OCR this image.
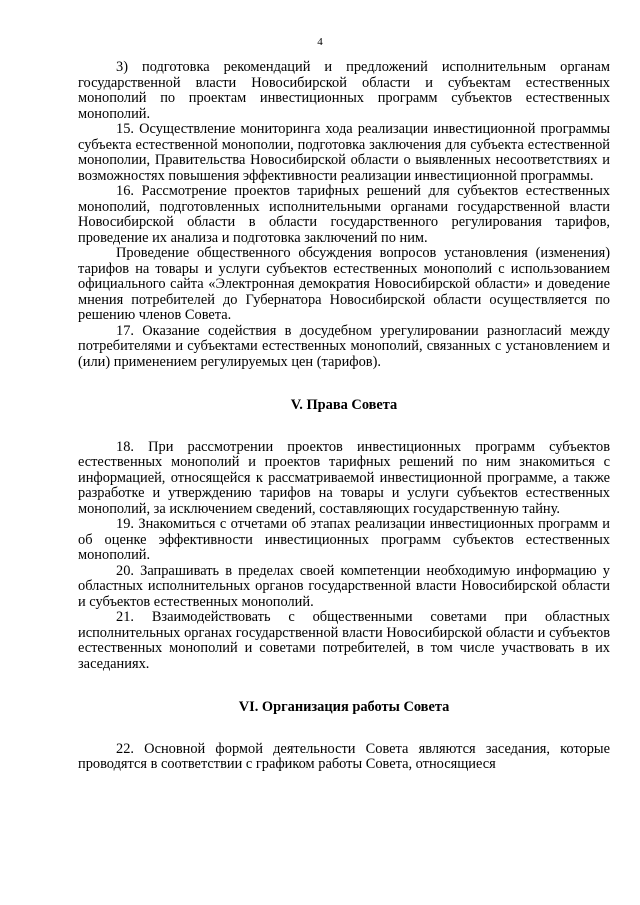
4

3) подготовка рекомендаций и предложений исполнительным органам государственной власти Новосибирской области и субъектам естественных монополий по проектам инвестиционных программ субъектов естественных монополий.

15. Осуществление мониторинга хода реализации инвестиционной программы субъекта естественной монополии, подготовка заключения для субъекта естественной монополии, Правительства Новосибирской области о выявленных несоответствиях и возможностях повышения эффективности реализации инвестиционной программы.

16. Рассмотрение проектов тарифных решений для субъектов естественных монополий, подготовленных исполнительными органами государственной власти Новосибирской области в области государственного регулирования тарифов, проведение их анализа и подготовка заключений по ним.

Проведение общественного обсуждения вопросов установления (изменения) тарифов на товары и услуги субъектов естественных монополий с использованием официального сайта «Электронная демократия Новосибирской области» и доведение мнения потребителей до Губернатора Новосибирской области осуществляется по решению членов Совета.

17. Оказание содействия в досудебном урегулировании разногласий между потребителями и субъектами естественных монополий, связанных с установлением и (или) применением регулируемых цен (тарифов).

V. Права Совета

18. При рассмотрении проектов инвестиционных программ субъектов естественных монополий и проектов тарифных решений по ним знакомиться с информацией, относящейся к рассматриваемой инвестиционной программе, а также разработке и утверждению тарифов на товары и услуги субъектов естественных монополий, за исключением сведений, составляющих государственную тайну.

19. Знакомиться с отчетами об этапах реализации инвестиционных программ и об оценке эффективности инвестиционных программ субъектов естественных монополий.

20. Запрашивать в пределах своей компетенции необходимую информацию у областных исполнительных органов государственной власти Новосибирской области и субъектов естественных монополий.

21. Взаимодействовать с общественными советами при областных исполнительных органах государственной власти Новосибирской области и субъектов естественных монополий и советами потребителей, в том числе участвовать в их заседаниях.

VI. Организация работы Совета

22. Основной формой деятельности Совета являются заседания, которые проводятся в соответствии с графиком работы Совета, относящиеся
